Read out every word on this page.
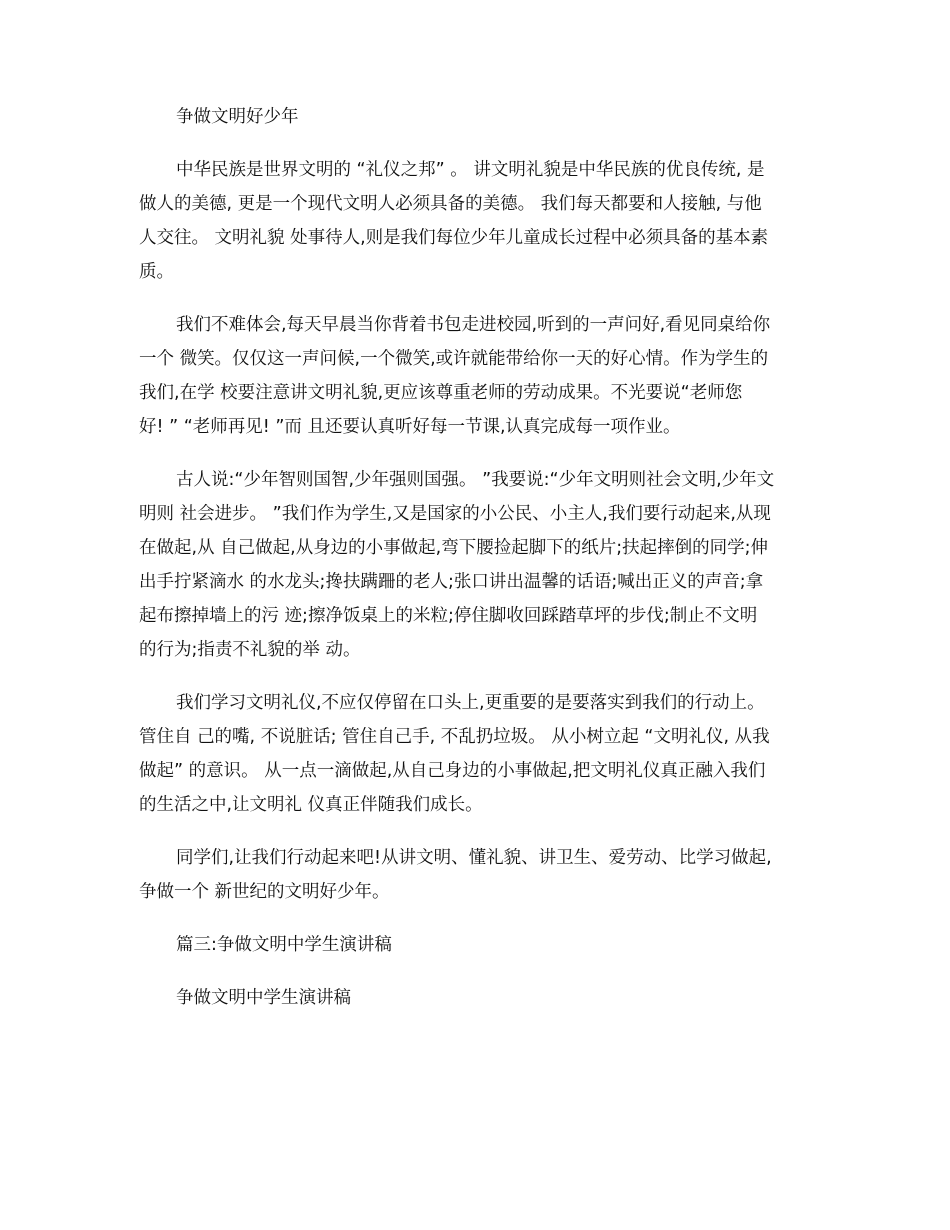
争做文明好少年
中华民族是世界文明的 “礼仪之邦” 。 讲文明礼貌是中华民族的优良传统, 是
做人的美德, 更是一个现代文明人必须具备的美德。 我们每天都要和人接触, 与他
人交往。 文明礼貌 处事待人,则是我们每位少年儿童成长过程中必须具备的基本素
质。
我们不难体会,每天早晨当你背着书包走进校园,听到的一声问好,看见同桌给你
一个 微笑。仅仅这一声问候,一个微笑,或许就能带给你一天的好心情。作为学生的
我们,在学 校要注意讲文明礼貌,更应该尊重老师的劳动成果。不光要说“老师您
好! ” “老师再见! ”而 且还要认真听好每一节课,认真完成每一项作业。
古人说:“少年智则国智,少年强则国强。 ”我要说:“少年文明则社会文明,少年文
明则 社会进步。 ”我们作为学生,又是国家的小公民、小主人,我们要行动起来,从现
在做起,从 自己做起,从身边的小事做起,弯下腰捡起脚下的纸片;扶起摔倒的同学;伸
出手拧紧滴水 的水龙头;搀扶蹒跚的老人;张口讲出温馨的话语;喊出正义的声音;拿
起布擦掉墙上的污 迹;擦净饭桌上的米粒;停住脚收回踩踏草坪的步伐;制止不文明
的行为;指责不礼貌的举 动。
我们学习文明礼仪,不应仅停留在口头上,更重要的是要落实到我们的行动上。
管住自 己的嘴, 不说脏话; 管住自己手, 不乱扔垃圾。 从小树立起 “文明礼仪, 从我
做起” 的意识。 从一点一滴做起,从自己身边的小事做起,把文明礼仪真正融入我们
的生活之中,让文明礼 仪真正伴随我们成长。
同学们,让我们行动起来吧!从讲文明、懂礼貌、讲卫生、爱劳动、比学习做起,
争做一个 新世纪的文明好少年。
篇三:争做文明中学生演讲稿
争做文明中学生演讲稿
